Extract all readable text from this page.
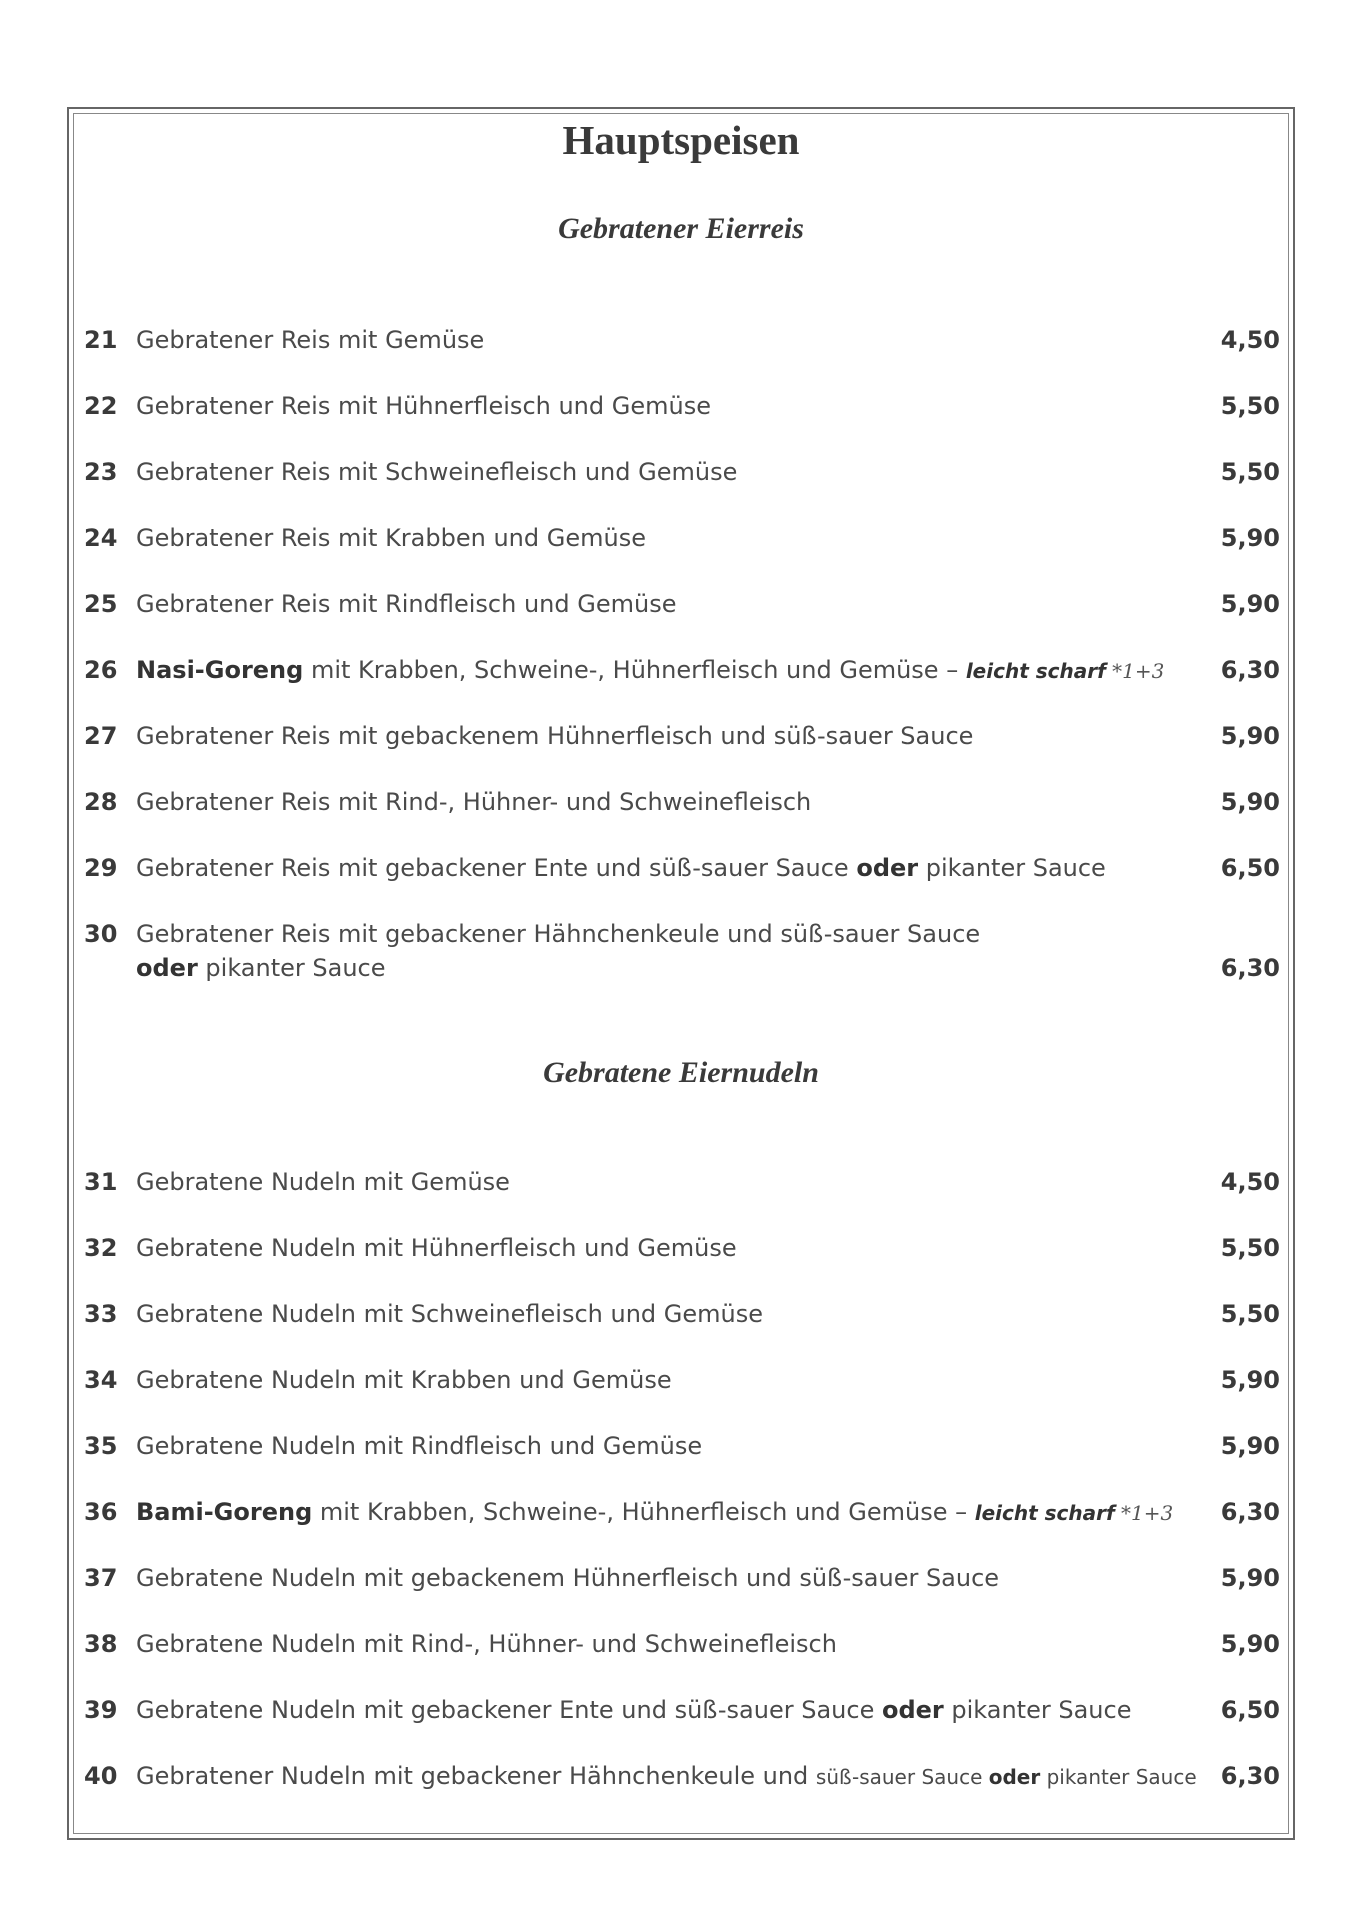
Hauptspeisen
Gebratener Eierreis
21 Gebratener Reis mit Gemüse	4,50
22 Gebratener Reis mit Hühnerfleisch und Gemüse	5,50
23 Gebratener Reis mit Schweinefleisch und Gemüse	5,50
24 Gebratener Reis mit Krabben und Gemüse	5,90
25 Gebratener Reis mit Rindfleisch und Gemüse	5,90
26 Nasi-Goreng mit Krabben, Schweine-, Hühnerfleisch und Gemüse – leicht scharf *1+3 6,30
27 Gebratener Reis mit gebackenem Hühnerfleisch und süß-sauer Sauce	5,90
28 Gebratener Reis mit Rind-, Hühner- und Schweinefleisch	5,90
29 Gebratener Reis mit gebackener Ente und süß-sauer Sauce oder pikanter Sauce	6,50
30 Gebratener Reis mit gebackener Hähnchenkeule und süß-sauer Sauce
oder pikanter Sauce	6,30
Gebratene Eiernudeln
31 Gebratene Nudeln mit Gemüse	4,50
32 Gebratene Nudeln mit Hühnerfleisch und Gemüse	5,50
33 Gebratene Nudeln mit Schweinefleisch und Gemüse	5,50
34 Gebratene Nudeln mit Krabben und Gemüse	5,90
35 Gebratene Nudeln mit Rindfleisch und Gemüse	5,90
36 Bami-Goreng mit Krabben, Schweine-, Hühnerfleisch und Gemüse – leicht scharf *1+3 6,30
37 Gebratene Nudeln mit gebackenem Hühnerfleisch und süß-sauer Sauce	5,90
38 Gebratene Nudeln mit Rind-, Hühner- und Schweinefleisch	5,90
39 Gebratene Nudeln mit gebackener Ente und süß-sauer Sauce oder pikanter Sauce	6,50
40 Gebratener Nudeln mit gebackener Hähnchenkeule und süß-sauer Sauce oder pikanter Sauce 6,30
